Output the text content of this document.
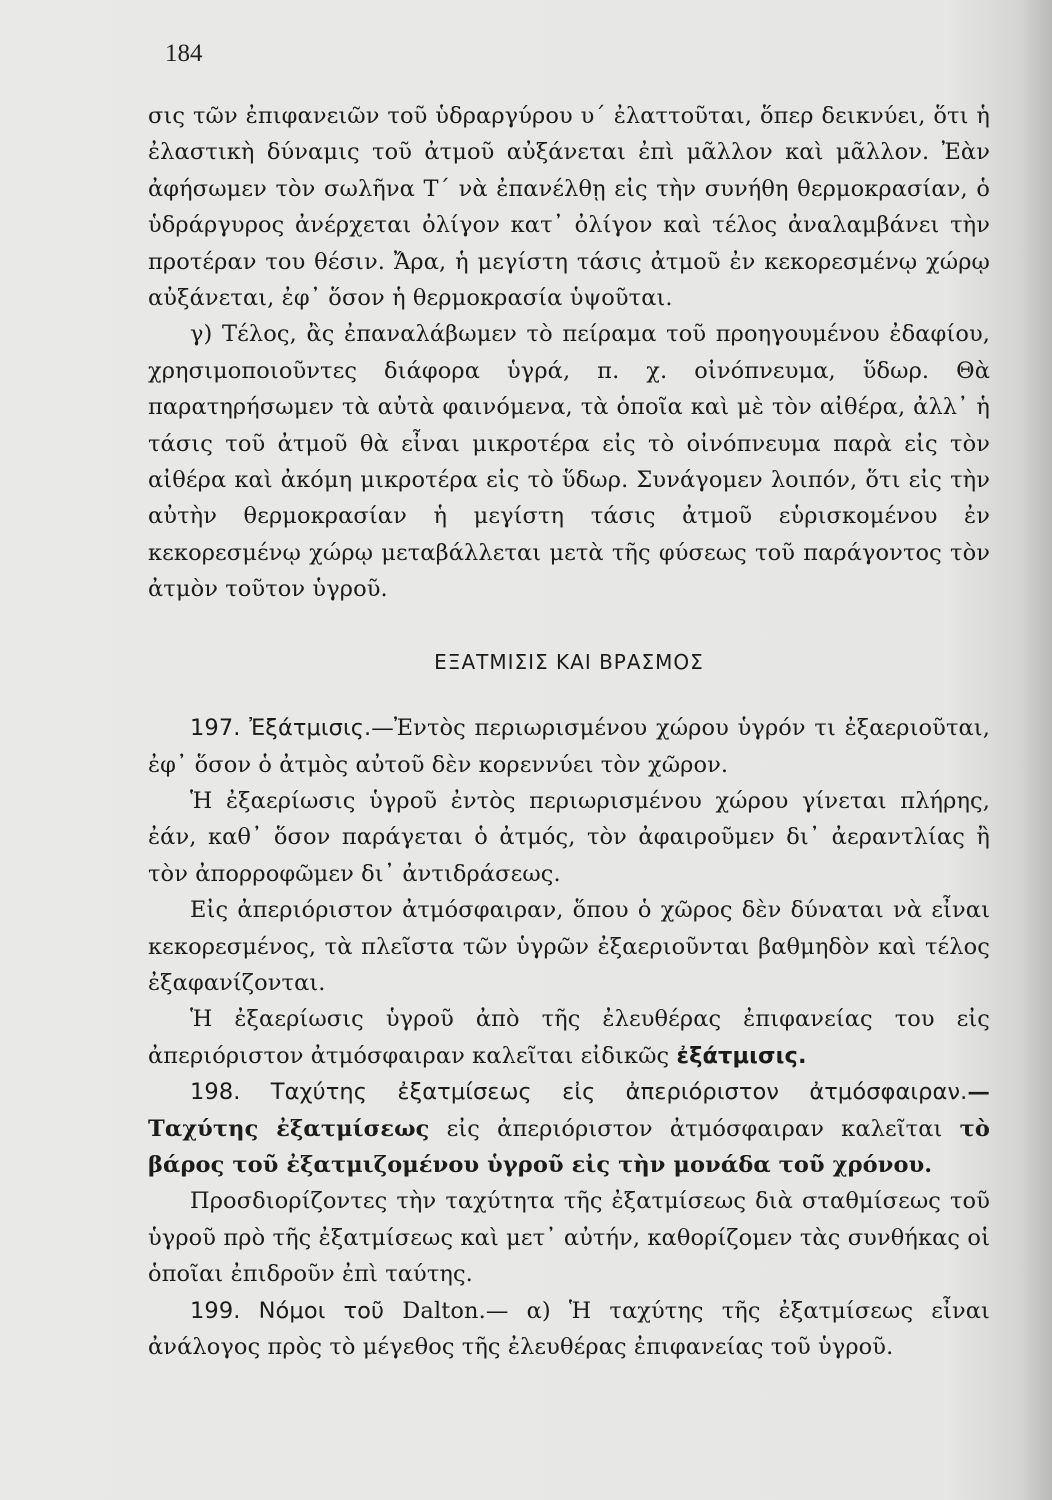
184

σις τῶν ἐπιφανειῶν τοῦ ὑδραργύρου υ΄ ἐλαττοῦται, ὅπερ δεικνύει, ὅτι ἡ ἐλαστικὴ δύναμις τοῦ ἀτμοῦ αὐξάνεται ἐπὶ μᾶλλον καὶ μᾶλλον. Ἐὰν ἀφήσωμεν τὸν σωλῆνα Τ΄ νὰ ἐπανέλθῃ εἰς τὴν συνήθη θερμοκρασίαν, ὁ ὑδράργυρος ἀνέρχεται ὀλίγον κατ᾿ ὀλίγον καὶ τέλος ἀναλαμβάνει τὴν προτέραν του θέσιν. Ἄρα, ἡ μεγίστη τάσις ἀτμοῦ ἐν κεκορεσμένῳ χώρῳ αὐξάνεται, ἐφ᾿ ὅσον ἡ θερμοκρασία ὑψοῦται.

γ) Τέλος, ἂς ἐπαναλάβωμεν τὸ πείραμα τοῦ προηγουμένου ἐδαφίου, χρησιμοποιοῦντες διάφορα ὑγρά, π. χ. οἰνόπνευμα, ὕδωρ. Θὰ παρατηρήσωμεν τὰ αὐτὰ φαινόμενα, τὰ ὁποῖα καὶ μὲ τὸν αἰθέρα, ἀλλ᾿ ἡ τάσις τοῦ ἀτμοῦ θὰ εἶναι μικροτέρα εἰς τὸ οἰνόπνευμα παρὰ εἰς τὸν αἰθέρα καὶ ἀκόμη μικροτέρα εἰς τὸ ὕδωρ. Συνάγομεν λοιπόν, ὅτι εἰς τὴν αὐτὴν θερμοκρασίαν ἡ μεγίστη τάσις ἀτμοῦ εὑρισκομένου ἐν κεκορεσμένῳ χώρῳ μεταβάλλεται μετὰ τῆς φύσεως τοῦ παράγοντος τὸν ἀτμὸν τοῦτον ὑγροῦ.

ΕΞΑΤΜΙΣΙΣ ΚΑΙ ΒΡΑΣΜΟΣ

197. Ἐξάτμισις.—Ἐντὸς περιωρισμένου χώρου ὑγρόν τι ἐξαεριοῦται, ἐφ᾿ ὅσον ὁ ἀτμὸς αὐτοῦ δὲν κορεννύει τὸν χῶρον.

Ἡ ἐξαερίωσις ὑγροῦ ἐντὸς περιωρισμένου χώρου γίνεται πλήρης, ἐάν, καθ᾿ ὅσον παράγεται ὁ ἀτμός, τὸν ἀφαιροῦμεν δι᾿ ἀεραντλίας ἢ τὸν ἀπορροφῶμεν δι᾿ ἀντιδράσεως.

Εἰς ἀπεριόριστον ἀτμόσφαιραν, ὅπου ὁ χῶρος δὲν δύναται νὰ εἶναι κεκορεσμένος, τὰ πλεῖστα τῶν ὑγρῶν ἐξαεριοῦνται βαθμηδὸν καὶ τέλος ἐξαφανίζονται.

Ἡ ἐξαερίωσις ὑγροῦ ἀπὸ τῆς ἐλευθέρας ἐπιφανείας του εἰς ἀπεριόριστον ἀτμόσφαιραν καλεῖται εἰδικῶς ἐξάτμισις.

198. Ταχύτης ἐξατμίσεως εἰς ἀπεριόριστον ἀτμόσφαιραν.— Ταχύτης ἐξατμίσεως εἰς ἀπεριόριστον ἀτμόσφαιραν καλεῖται τὸ βάρος τοῦ ἐξατμιζομένου ὑγροῦ εἰς τὴν μονάδα τοῦ χρόνου.

Προσδιορίζοντες τὴν ταχύτητα τῆς ἐξατμίσεως διὰ σταθμίσεως τοῦ ὑγροῦ πρὸ τῆς ἐξατμίσεως καὶ μετ᾿ αὐτήν, καθορίζομεν τὰς συνθήκας οἱ ὁποῖαι ἐπιδροῦν ἐπὶ ταύτης.

199. Νόμοι τοῦ Dalton.— α) Ἡ ταχύτης τῆς ἐξατμίσεως εἶναι ἀνάλογος πρὸς τὸ μέγεθος τῆς ἐλευθέρας ἐπιφανείας τοῦ ὑγροῦ.
